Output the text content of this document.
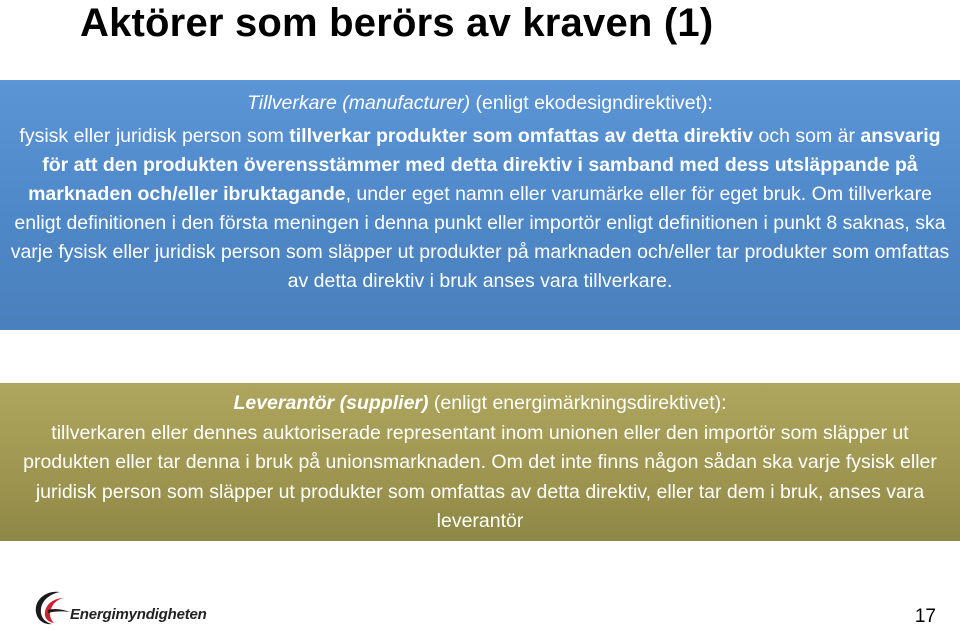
Aktörer som berörs av kraven (1)
Tillverkare (manufacturer) (enligt ekodesigndirektivet):
fysisk eller juridisk person som tillverkar produkter som omfattas av detta direktiv och som är ansvarig för att den produkten överensstämmer med detta direktiv i samband med dess utsläppande på marknaden och/eller ibruktagande, under eget namn eller varumärke eller för eget bruk. Om tillverkare enligt definitionen i den första meningen i denna punkt eller importör enligt definitionen i punkt 8 saknas, ska varje fysisk eller juridisk person som släpper ut produkter på marknaden och/eller tar produkter som omfattas av detta direktiv i bruk anses vara tillverkare.
Leverantör (supplier) (enligt energimärkningsdirektivet):
tillverkaren eller dennes auktoriserade representant inom unionen eller den importör som släpper ut produkten eller tar denna i bruk på unionsmarknaden. Om det inte finns någon sådan ska varje fysisk eller juridisk person som släpper ut produkter som omfattas av detta direktiv, eller tar dem i bruk, anses vara leverantör
Energimyndigheten	17
